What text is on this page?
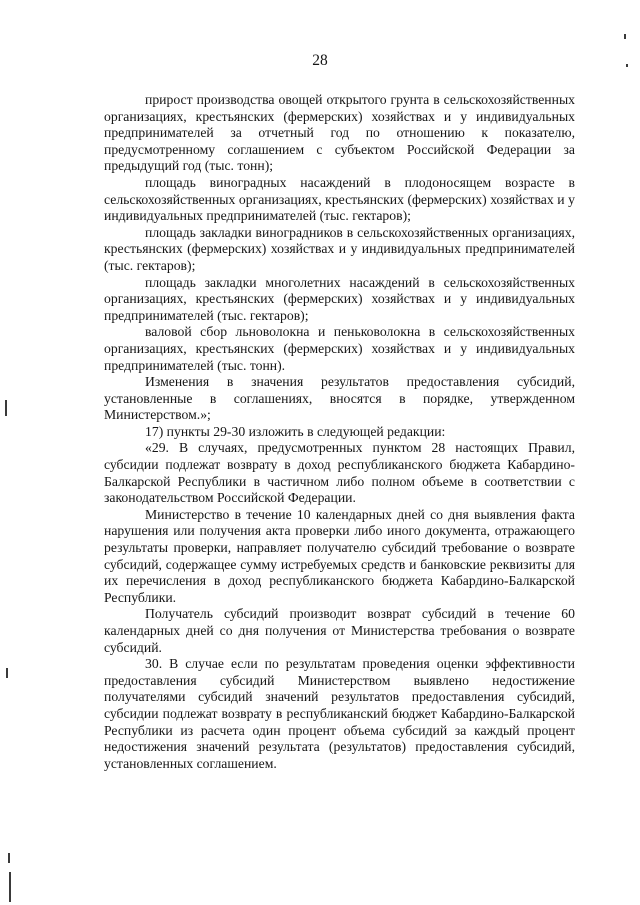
28

прирост производства овощей открытого грунта в сельскохозяйственных организациях, крестьянских (фермерских) хозяйствах и у индивидуальных предпринимателей за отчетный год по отношению к показателю, предусмотренному соглашением с субъектом Российской Федерации за предыдущий год (тыс. тонн);

площадь виноградных насаждений в плодоносящем возрасте в сельскохозяйственных организациях, крестьянских (фермерских) хозяйствах и у индивидуальных предпринимателей (тыс. гектаров);

площадь закладки виноградников в сельскохозяйственных организациях, крестьянских (фермерских) хозяйствах и у индивидуальных предпринимателей (тыс. гектаров);

площадь закладки многолетних насаждений в сельскохозяйственных организациях, крестьянских (фермерских) хозяйствах и у индивидуальных предпринимателей (тыс. гектаров);

валовой сбор льноволокна и пеньковолокна в сельскохозяйственных организациях, крестьянских (фермерских) хозяйствах и у индивидуальных предпринимателей (тыс. тонн).

Изменения в значения результатов предоставления субсидий, установленные в соглашениях, вносятся в порядке, утвержденном Министерством.»;

17) пункты 29-30 изложить в следующей редакции:

«29. В случаях, предусмотренных пунктом 28 настоящих Правил, субсидии подлежат возврату в доход республиканского бюджета Кабардино-Балкарской Республики в частичном либо полном объеме в соответствии с законодательством Российской Федерации.

Министерство в течение 10 календарных дней со дня выявления факта нарушения или получения акта проверки либо иного документа, отражающего результаты проверки, направляет получателю субсидий требование о возврате субсидий, содержащее сумму истребуемых средств и банковские реквизиты для их перечисления в доход республиканского бюджета Кабардино-Балкарской Республики.

Получатель субсидий производит возврат субсидий в течение 60 календарных дней со дня получения от Министерства требования о возврате субсидий.

30. В случае если по результатам проведения оценки эффективности предоставления субсидий Министерством выявлено недостижение получателями субсидий значений результатов предоставления субсидий, субсидии подлежат возврату в республиканский бюджет Кабардино-Балкарской Республики из расчета один процент объема субсидий за каждый процент недостижения значений результата (результатов) предоставления субсидий, установленных соглашением.
